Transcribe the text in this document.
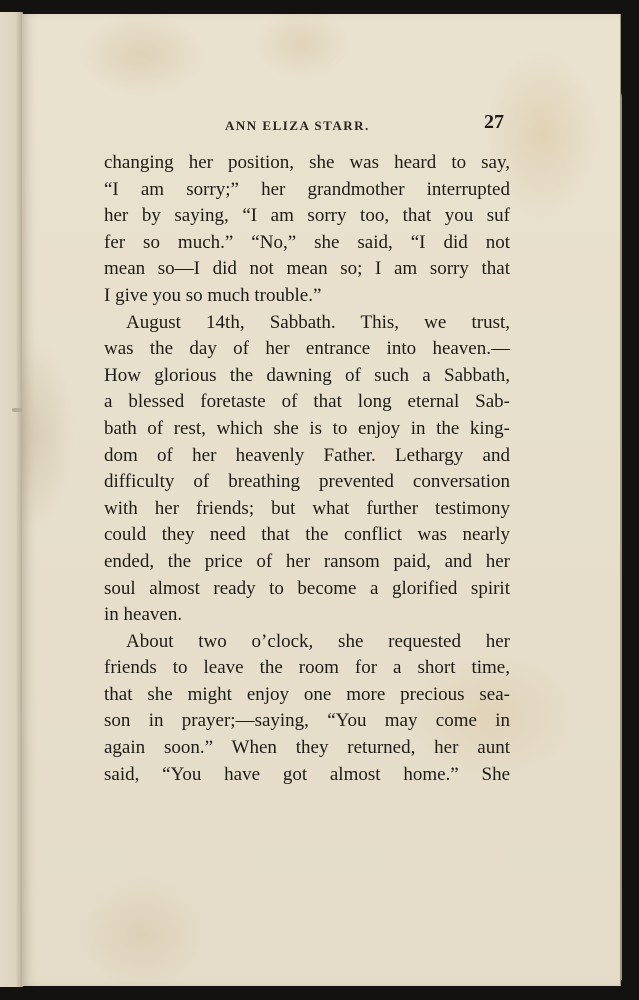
ANN ELIZA STARR.	27
changing her position, she was heard to say,
“I am sorry;” her grandmother interrupted
her by saying, “I am sorry too, that you suf
fer so much.” “No,” she said, “I did not
mean so—I did not mean so; I am sorry that
I give you so much trouble.”
August 14th, Sabbath. This, we trust,
was the day of her entrance into heaven.—
How glorious the dawning of such a Sabbath,
a blessed foretaste of that long eternal Sab-
bath of rest, which she is to enjoy in the king-
dom of her heavenly Father. Lethargy and
difficulty of breathing prevented conversation
with her friends; but what further testimony
could they need that the conflict was nearly
ended, the price of her ransom paid, and her
soul almost ready to become a glorified spirit
in heaven.
About two o’clock, she requested her
friends to leave the room for a short time,
that she might enjoy one more precious sea-
son in prayer;—saying, “You may come in
again soon.” When they returned, her aunt
said, “You have got almost home.” She
